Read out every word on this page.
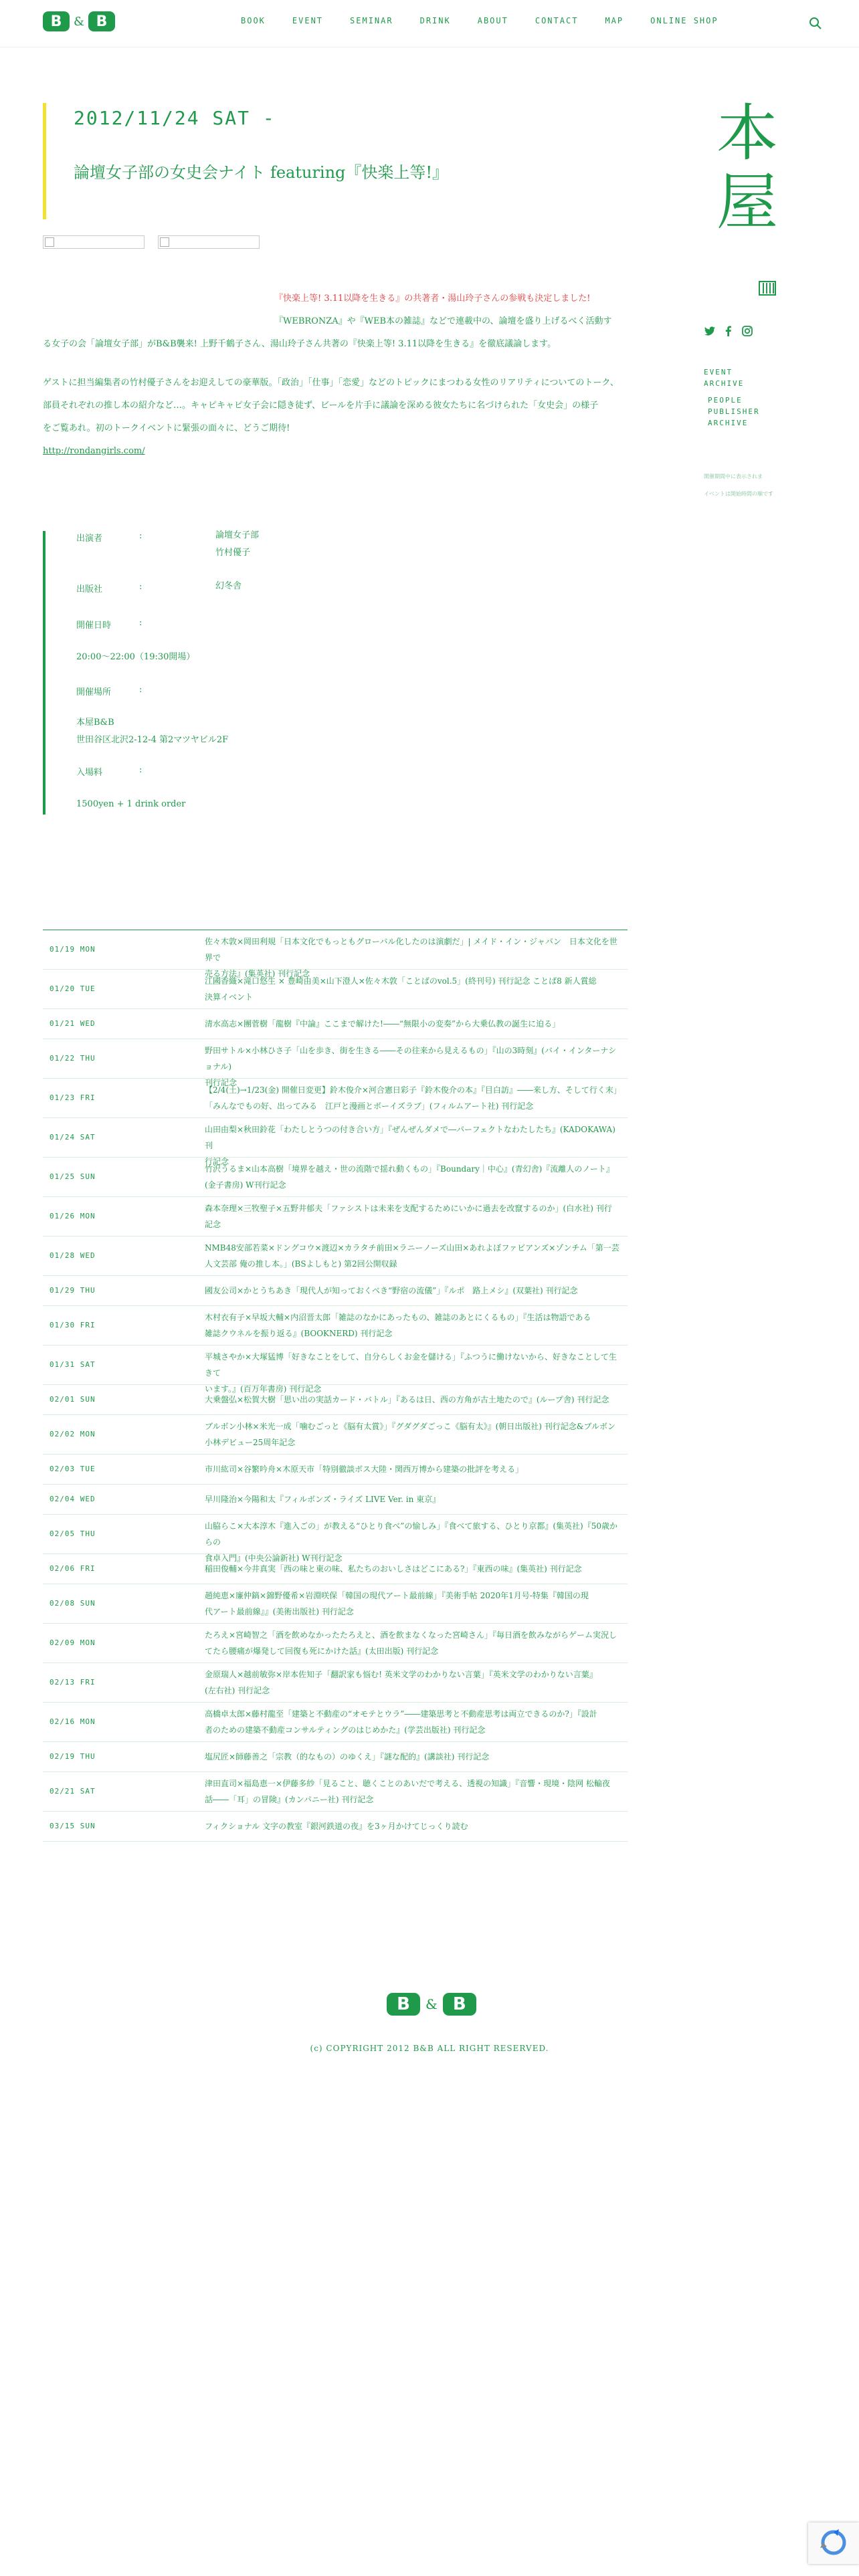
B & B	BOOK	EVENT	SEMINAR	DRINK	ABOUT	CONTACT	MAP	ONLINE SHOP
本
屋
EVENT
ARCHIVE
PEOPLE
PUBLISHER
ARCHIVE
開催期間中に表示されま
イベントは開始時間の順です
2012/11/24 SAT -
論壇女子部の女史会ナイト featuring『快楽上等!』
『快楽上等! 3.11以降を生きる』の共著者・湯山玲子さんの参戦も決定しました!
『WEBRONZA』や『WEB本の雑誌』などで連載中の、論壇を盛り上げるべく活動す
る女子の会「論壇女子部」がB&B襲来! 上野千鶴子さん、湯山玲子さん共著の『快楽上等! 3.11以降を生きる』を徹底議論します。
ゲストに担当編集者の竹村優子さんをお迎えしての豪華版。「政治」「仕事」「恋愛」などのトピックにまつわる女性のリアリティについてのトーク、
部員それぞれの推し本の紹介など…。キャピキャピ女子会に隠き徒ず、ビールを片手に議論を深める彼女たちに名づけられた「女史会」の様子
をご覧あれ。初のトークイベントに緊張の面々に、どうご期待!
http://rondangirls.com/
出演者	:	論壇女子部
竹村優子
出版社	:	幻冬舎
開催日時	:
20:00～22:00（19:30開場）
開催場所	:
本屋B&B
世田谷区北沢2-12-4 第2マツヤビル2F
入場料	:
1500yen + 1 drink order
01/19 MON
佐々木敦×岡田利規「日本文化でもっともグローバル化したのは演劇だ」| メイド・イン・ジャパン　日本文化を世界で
売る方法』(集英社) 刊行記念
01/20 TUE
江國香織×滝口悠生 × 豊崎由美×山下澄人×佐々木敦「ことばのvol.5」(終刊号) 刊行記念 ことば8 新人賞総
決算イベント
01/21 WED	清水高志×團菅樹「龍樹『中論』ここまで解けた!――“無限小の変奏”から大乗仏教の誕生に迫る」
01/22 THU
野田サトル×小林ひさ子「山を歩き、街を生きる――その往来から見えるもの」『山の3時刻』(バイ・インターナショナル)
刊行記念
01/23 FRI
【2/4(土)→1/23(金) 開催日変更】鈴木俊介×河合憲日彩子『鈴木俊介の本』『目白訪』――来し方、そして行く末」
「みんなでもの好、出ってみる　江戸と漫画とボーイズラブ」(フィルムアート社) 刊行記念
01/24 SAT
山田由梨×秋田鈴花「わたしとうつの付き合い方」『ぜんぜんダメで―パーフェクトなわたしたち』(KADOKAWA) 刊
行記念
01/25 SUN
竹沢うるま×山本高樹「境界を越え・世の流階で揺れ動くもの」『Boundary｜中心』(青幻舎)『流離人のノート』
(金子書房) W刊行記念
01/26 MON
森本奈理×三牧聖子×五野井郁夫「ファシストは未来を支配するためにいかに過去を改竄するのか」(白水社) 刊行
記念
01/28 WED
NMB48安部若菜×ドングコウ×渡辺×カラタチ前田×ラニーノーズ山田×あれよぼファビアンズ×ゾンチム「第一芸
人文芸部 俺の推し本。」(BSよしもと) 第2回公開収録
01/29 THU	國友公司×かとうちあき「現代人が知っておくべき“野宿の流儀”」『ルポ　路上メシ』(双葉社) 刊行記念
01/30 FRI
木村衣有子×早坂大輔×内沼晋太郎「雑誌のなかにあったもの、雑誌のあとにくるもの」『生活は物語である
雑誌クウネルを振り返る』(BOOKNERD) 刊行記念
01/31 SAT
平城さやか×大塚猛博「好きなことをして、自分らしくお金を儲ける」『ふつうに働けないから、好きなことして生きて
います。』(百万年書房) 刊行記念
02/01 SUN	大乗盤弘×松賀大樹「思い出の実話カード・バトル」『あるは日、西の方角が古土地たので』(ループ舎) 刊行記念
02/02 MON
ブルボン小林×米光一成「噛むごっと《脳有太賞》」『グダグダごっこ《脳有太》』(朝日出版社) 刊行記念&ブルボン
小林デビュー25周年記念
02/03 TUE	市川紘司×谷繁吟舟×木原天市「特別徹談ボス大陸・関西万博から建築の批評を考える」
02/04 WED	早川隆治×今陽和太『フィルボンズ・ライズ LIVE Ver. in 東京』
02/05 THU
山脇らこ×大本淳木『進入ごの」が教える“ひとり食べ”の愉しみ」『食べて旅する、ひとり京都』(集英社)『50歳からの
食卓入門』(中央公論新社) W刊行記念
02/06 FRI	稲田俊輔×今井真実「西の味と東の味、私たちのおいしさはどこにある?」『東西の味』(集英社) 刊行記念
02/08 SUN
趙純恵×廉仲鎬×錦野優希×岩淵咲保「韓国の現代アート最前線」『美術手帖 2020年1月号-特集『韓国の現
代アート最前線』』(美術出版社) 刊行記念
02/09 MON
たろえ×宮崎智之「酒を飲めなかったたろえと、酒を飲まなくなった宮崎さん」『毎日酒を飲みながらゲーム実況し
てたら腰痛が爆発して回復も死にかけた話』(太田出版) 刊行記念
02/13 FRI
金原瑞人×越前敏弥×岸本佐知子「翻訳家も悩む! 英米文学のわかりない言葉」『英米文学のわかりない言葉』
(左右社) 刊行記念
02/16 MON
高橋卓太郎×藤村龍至「建築と不動産の“オモテとウラ”――建築思考と不動産思考は両立できるのか?」『設計
者のための建築不動産コンサルティングのはじめかた』(学芸出版社) 刊行記念
02/19 THU	塩尻匠×師藤善之「宗教（的なもの）のゆくえ」『謎な配的』(講談社) 刊行記念
02/21 SAT
津田直司×福島恵一×伊藤多紗「見ること、聴くことのあいだで考える、透視の知識」『音響・現境・陰网 松輸夜
話――「耳」の冒険』(カンパニー社) 刊行記念
03/15 SUN	フィクショナル 文字の教室『銀河鉄道の夜』を3ヶ月かけてじっくり読む
B	& B
(c) COPYRIGHT 2012 B&B ALL RIGHT RESERVED.
